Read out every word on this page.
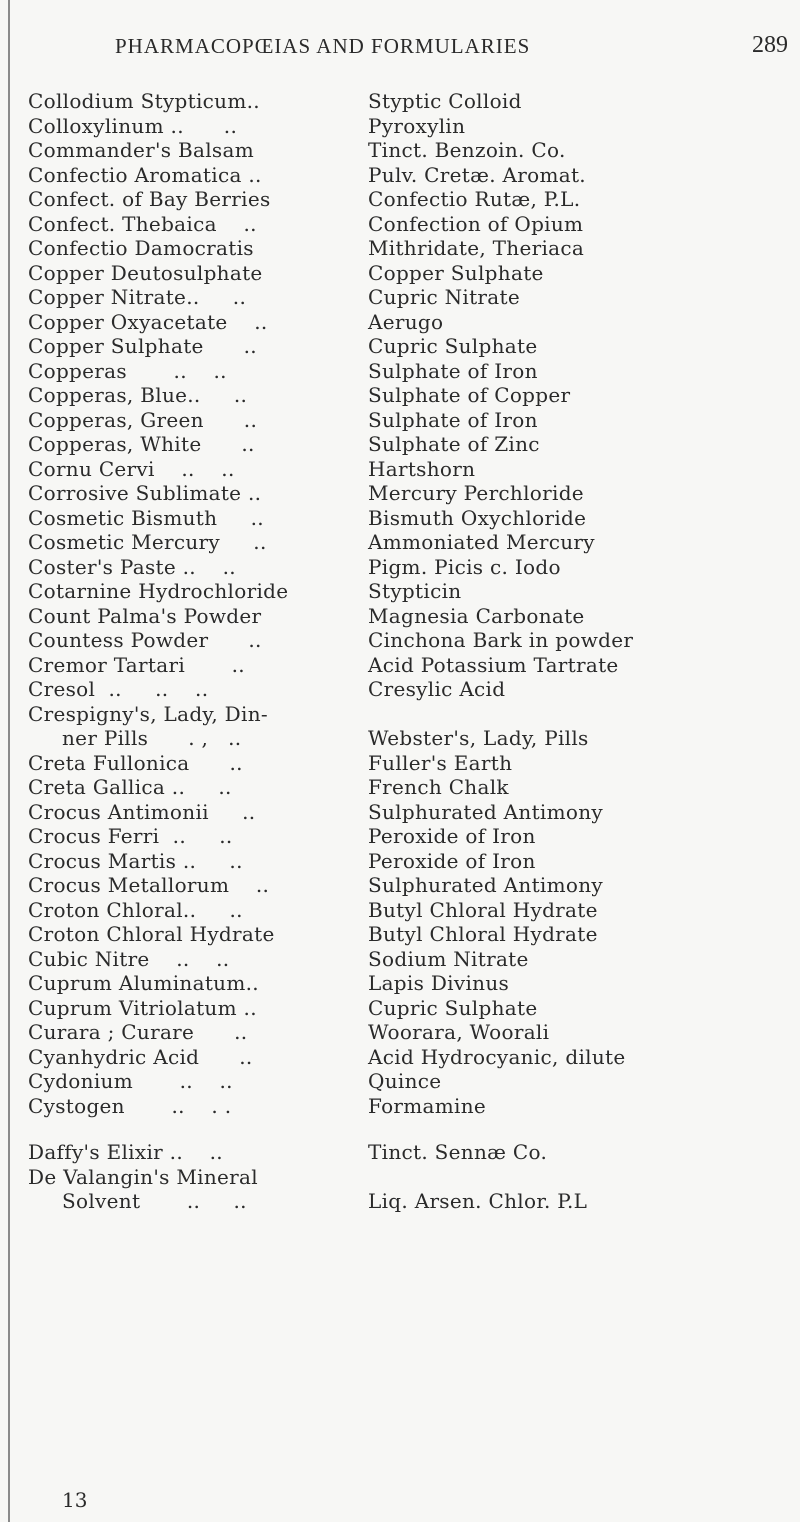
PHARMACOPŒIAS AND FORMULARIES	289
Collodium Stypticum..	Styptic Colloid
Colloxylinum ..      ..	Pyroxylin
Commander's Balsam	Tinct. Benzoin. Co.
Confectio Aromatica ..	Pulv. Cretæ. Aromat.
Confect. of Bay Berries	Confectio Rutæ, P.L.
Confect. Thebaica    ..	Confection of Opium
Confectio Damocratis	Mithridate, Theriaca
Copper Deutosulphate	Copper Sulphate
Copper Nitrate..     ..	Cupric Nitrate
Copper Oxyacetate    ..	Aerugo
Copper Sulphate      ..	Cupric Sulphate
Copperas       ..    ..	Sulphate of Iron
Copperas, Blue..     ..	Sulphate of Copper
Copperas, Green      ..	Sulphate of Iron
Copperas, White      ..	Sulphate of Zinc
Cornu Cervi    ..    ..	Hartshorn
Corrosive Sublimate ..	Mercury Perchloride
Cosmetic Bismuth     ..	Bismuth Oxychloride
Cosmetic Mercury     ..	Ammoniated Mercury
Coster's Paste ..    ..	Pigm. Picis c. Iodo
Cotarnine Hydrochloride	Stypticin
Count Palma's Powder	Magnesia Carbonate
Countess Powder      ..	Cinchona Bark in powder
Cremor Tartari       ..	Acid Potassium Tartrate
Cresol  ..     ..    ..	Cresylic Acid
Crespigny's, Lady, Din-
ner Pills      . ,   ..	Webster's, Lady, Pills
Creta Fullonica      ..	Fuller's Earth
Creta Gallica ..     ..	French Chalk
Crocus Antimonii     ..	Sulphurated Antimony
Crocus Ferri  ..     ..	Peroxide of Iron
Crocus Martis ..     ..	Peroxide of Iron
Crocus Metallorum    ..	Sulphurated Antimony
Croton Chloral..     ..	Butyl Chloral Hydrate
Croton Chloral Hydrate	Butyl Chloral Hydrate
Cubic Nitre    ..    ..	Sodium Nitrate
Cuprum Aluminatum..	Lapis Divinus
Cuprum Vitriolatum ..	Cupric Sulphate
Curara ; Curare      ..	Woorara, Woorali
Cyanhydric Acid      ..	Acid Hydrocyanic, dilute
Cydonium       ..    ..	Quince
Cystogen       ..    . .	Formamine
Daffy's Elixir ..    ..	Tinct. Sennæ Co.
De Valangin's Mineral
Solvent       ..     ..	Liq. Arsen. Chlor. P.L
13
